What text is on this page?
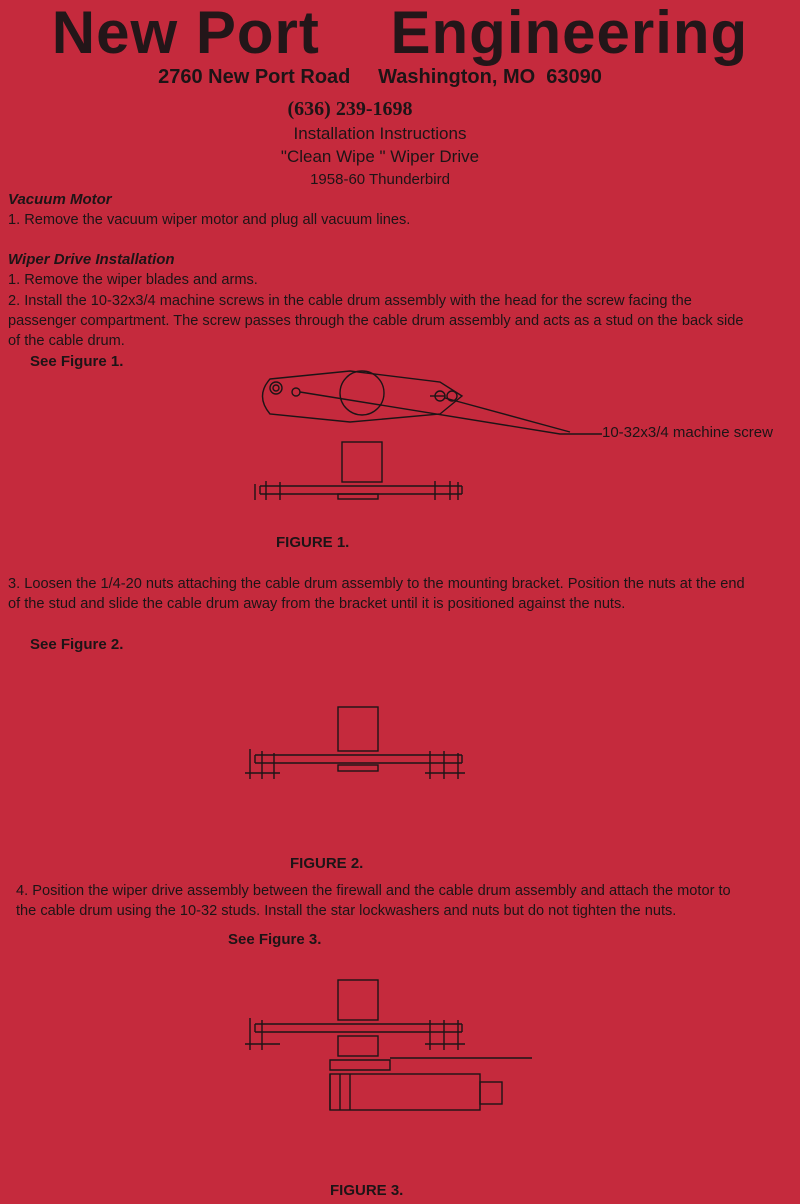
New Port    Engineering
2760 New Port Road     Washington, MO  63090
(636) 239-1698
Installation Instructions
"Clean Wipe " Wiper Drive
1958-60 Thunderbird
Vacuum Motor
1. Remove the vacuum wiper motor and plug all vacuum lines.
Wiper Drive Installation
1. Remove the wiper blades and arms.
2. Install the 10-32x3/4 machine screws in the cable drum assembly with the head for the screw facing the passenger compartment. The screw passes through the cable drum assembly and acts as a stud on the back side of the cable drum.
See Figure 1.
10-32x3/4 machine screw
FIGURE 1.
3. Loosen the 1/4-20 nuts attaching the cable drum assembly to the mounting bracket. Position the nuts at the end of the stud and slide the cable drum away from the bracket until it is positioned against the nuts.
See Figure 2.
FIGURE 2.
4. Position the wiper drive assembly between the firewall and the cable drum assembly and attach the motor to the cable drum using the 10-32 studs. Install the star lockwashers and nuts but do not tighten the nuts.
See Figure 3.
FIGURE 3.
